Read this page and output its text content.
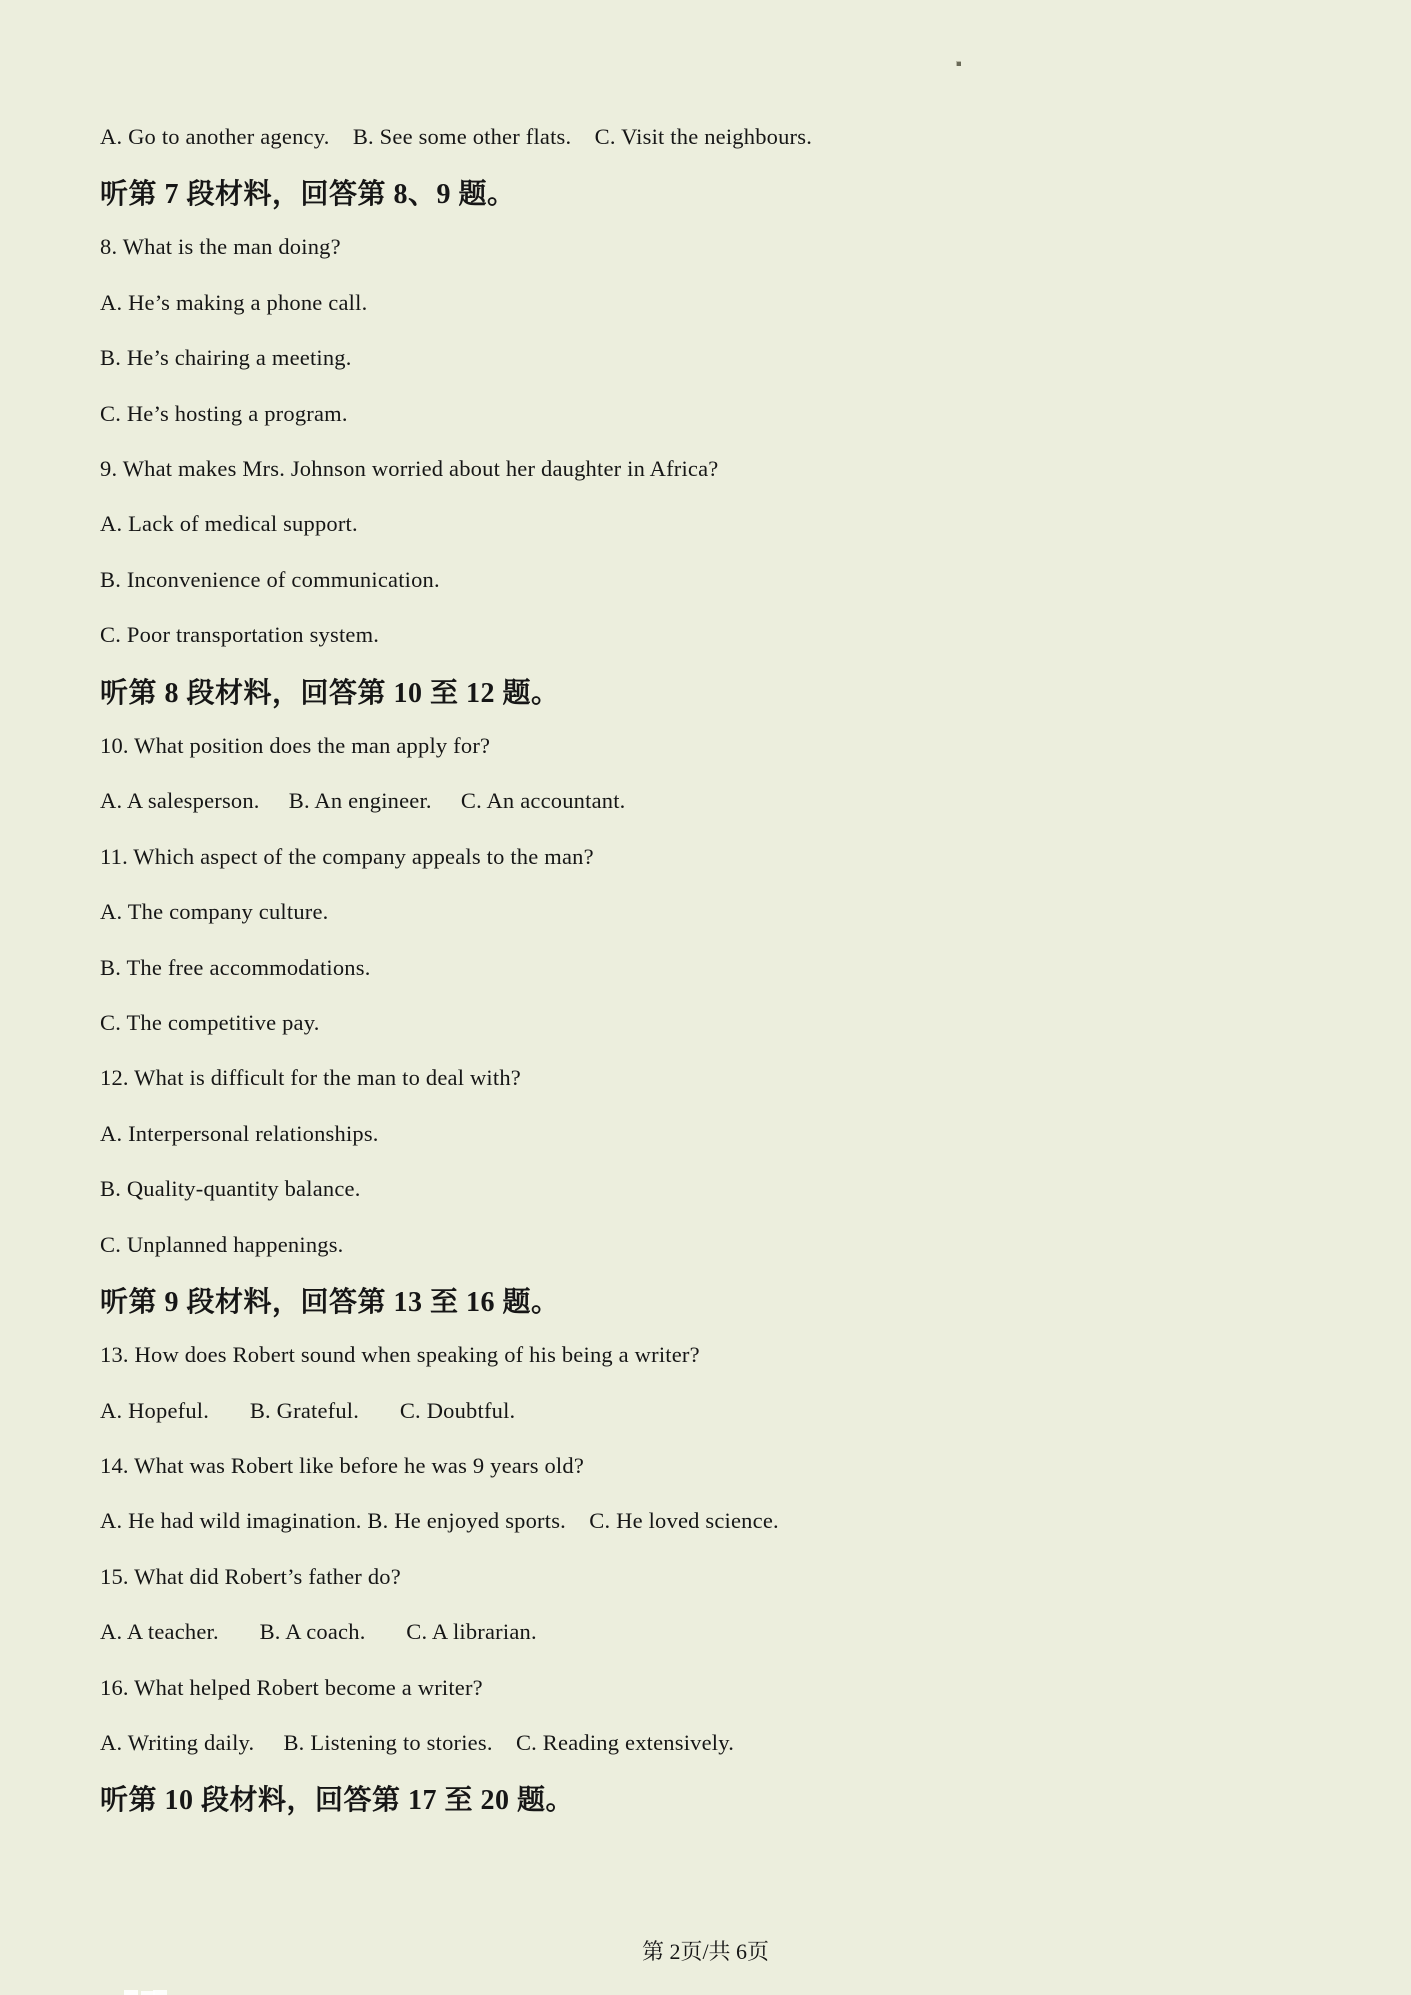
A. Go to another agency.    B. See some other flats.    C. Visit the neighbours.
听第 7 段材料，回答第 8、9 题。
8. What is the man doing?
A. He’s making a phone call.
B. He’s chairing a meeting.
C. He’s hosting a program.
9. What makes Mrs. Johnson worried about her daughter in Africa?
A. Lack of medical support.
B. Inconvenience of communication.
C. Poor transportation system.
听第 8 段材料，回答第 10 至 12 题。
10. What position does the man apply for?
A. A salesperson.     B. An engineer.     C. An accountant.
11. Which aspect of the company appeals to the man?
A. The company culture.
B. The free accommodations.
C. The competitive pay.
12. What is difficult for the man to deal with?
A. Interpersonal relationships.
B. Quality-quantity balance.
C. Unplanned happenings.
听第 9 段材料，回答第 13 至 16 题。
13. How does Robert sound when speaking of his being a writer?
A. Hopeful.       B. Grateful.       C. Doubtful.
14. What was Robert like before he was 9 years old?
A. He had wild imagination. B. He enjoyed sports.    C. He loved science.
15. What did Robert’s father do?
A. A teacher.       B. A coach.       C. A librarian.
16. What helped Robert become a writer?
A. Writing daily.     B. Listening to stories.    C. Reading extensively.
听第 10 段材料，回答第 17 至 20 题。
第 2页/共 6页
